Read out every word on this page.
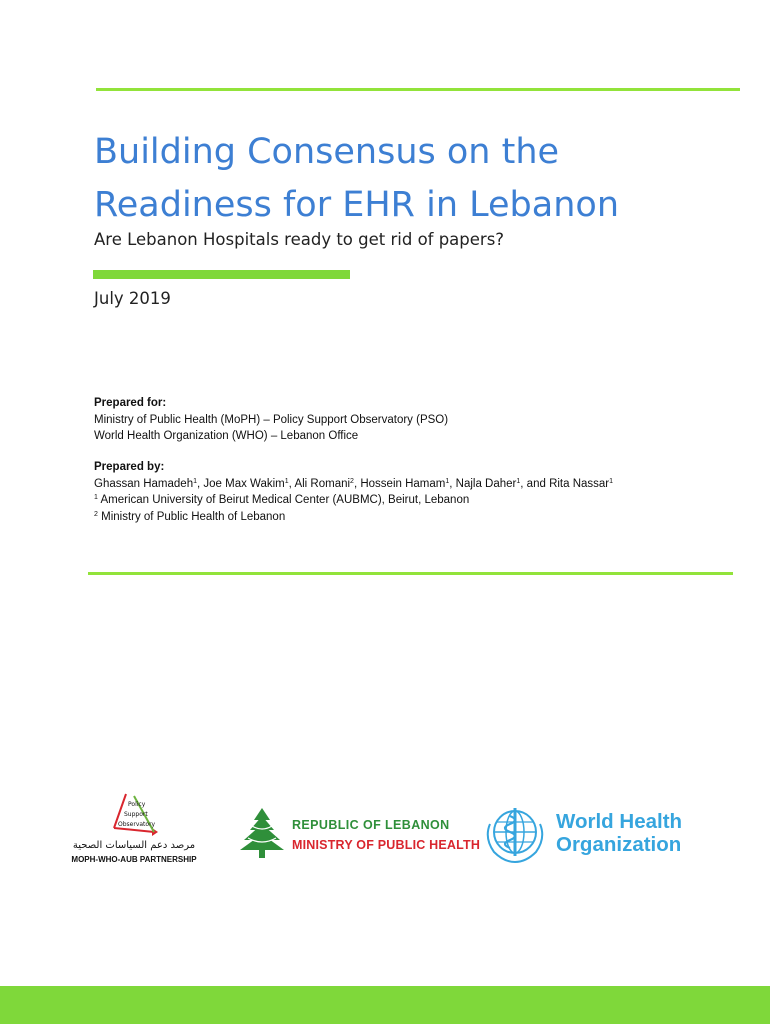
Building Consensus on the
Readiness for EHR in Lebanon

Are Lebanon Hospitals ready to get rid of papers?

July 2019
Prepared for:
Ministry of Public Health (MoPH) – Policy Support Observatory (PSO)
World Health Organization (WHO) – Lebanon Office
Prepared by:
Ghassan Hamadeh$^1$, Joe Max Wakim$^1$, Ali Romani$^2$, Hossein Hamam$^1$, Najla Daher$^1$, and Rita Nassar$^1$
$^1$ American University of Beirut Medical Center (AUBMC), Beirut, Lebanon
$^2$ Ministry of Public Health of Lebanon
Policy
Support
Observatory
مرصد دعم السياسات الصحية
MOPH-WHO-AUB PARTNERSHIP
REPUBLIC OF LEBANON
MINISTRY OF PUBLIC HEALTH
World Health
Organization
